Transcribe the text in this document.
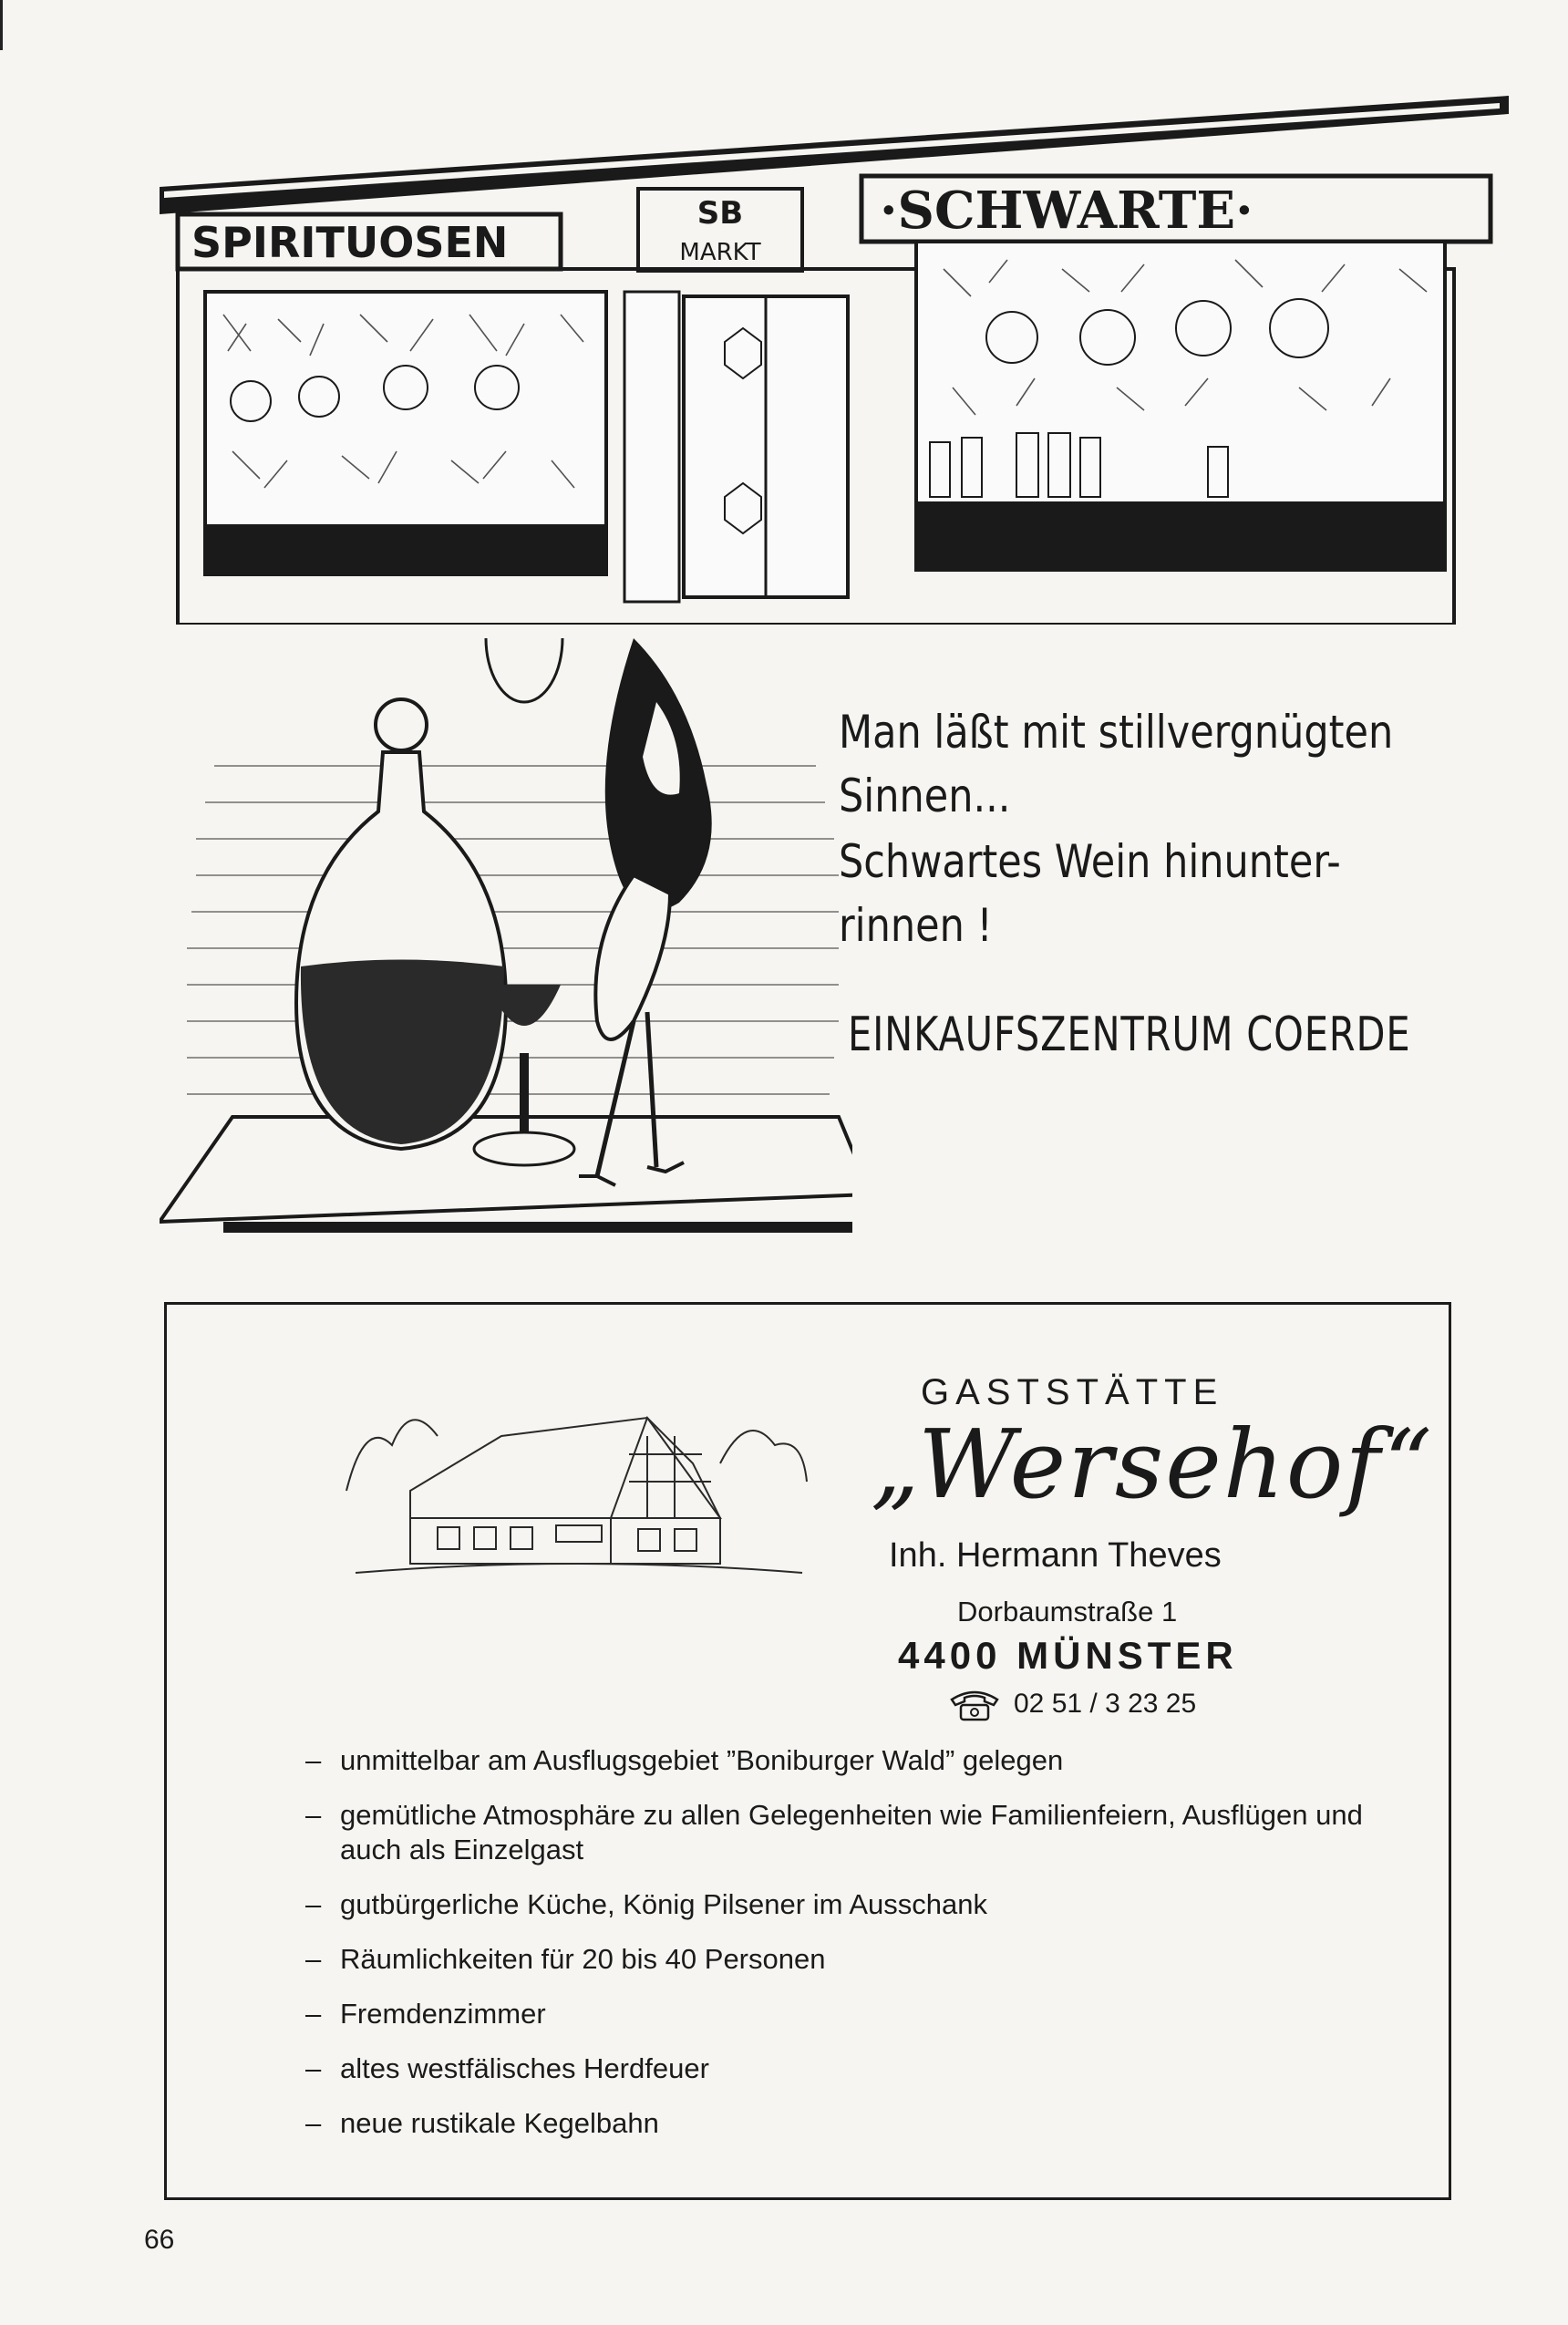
SPIRITUOSEN
SB
MARKT
·SCHWARTE·
Man läßt mit stillvergnügten
Sinnen...
Schwartes Wein hinunter-
rinnen !
EINKAUFSZENTRUM COERDE
GASTSTÄTTE
„Wersehof“
Inh. Hermann Theves
Dorbaumstraße 1
4400 MÜNSTER
02 51 / 3 23 25
– unmittelbar am Ausflugsgebiet ”Boniburger Wald” gelegen
– gemütliche Atmosphäre zu allen Gelegenheiten wie Familienfeiern, Ausflügen und auch als Einzelgast
– gutbürgerliche Küche, König Pilsener im Ausschank
– Räumlichkeiten für 20 bis 40 Personen
– Fremdenzimmer
– altes westfälisches Herdfeuer
– neue rustikale Kegelbahn
66
